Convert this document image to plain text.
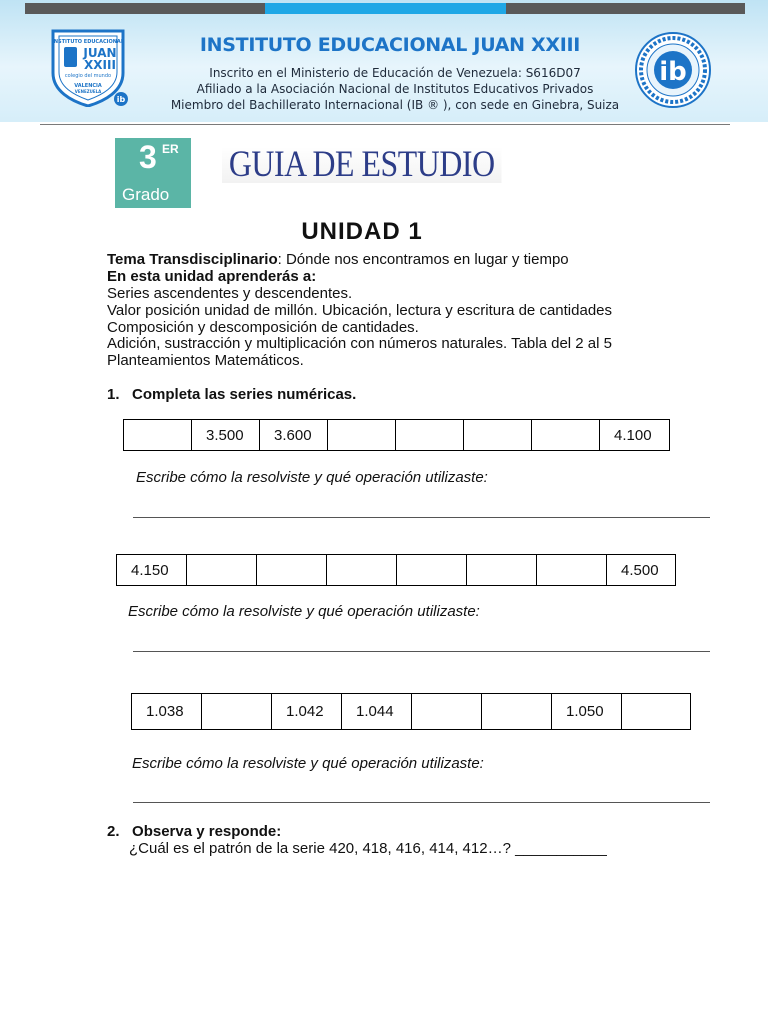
INSTITUTO EDUCACIONAL
JUAN
XXIII
colegio del mundo
VALENCIA
VENEZUELA
ib
INSTITUTO EDUCACIONAL JUAN XXIII
Inscrito en el Ministerio de Educación de Venezuela: S616D07
Afiliado a la Asociación Nacional de Institutos Educativos Privados
Miembro del Bachillerato Internacional (IB ® ), con sede en Ginebra, Suiza
ib
3 ER
Grado
GUIA DE ESTUDIO
UNIDAD 1
Tema Transdisciplinario: Dónde nos encontramos en lugar y tiempo
En esta unidad aprenderás a:
Series ascendentes y descendentes.
Valor posición unidad de millón. Ubicación, lectura y escritura de cantidades
Composición y descomposición de cantidades.
Adición, sustracción y multiplicación con números naturales. Tabla del 2 al 5
Planteamientos Matemáticos.
1. Completa las series numéricas.
	3.500	3.600					4.100
Escribe cómo la resolviste y qué operación utilizaste:
4.150							4.500
Escribe cómo la resolviste y qué operación utilizaste:
1.038		1.042	1.044			1.050	
Escribe cómo la resolviste y qué operación utilizaste:
2. Observa y responde:
¿Cuál es el patrón de la serie 420, 418, 416, 414, 412…? ___________
